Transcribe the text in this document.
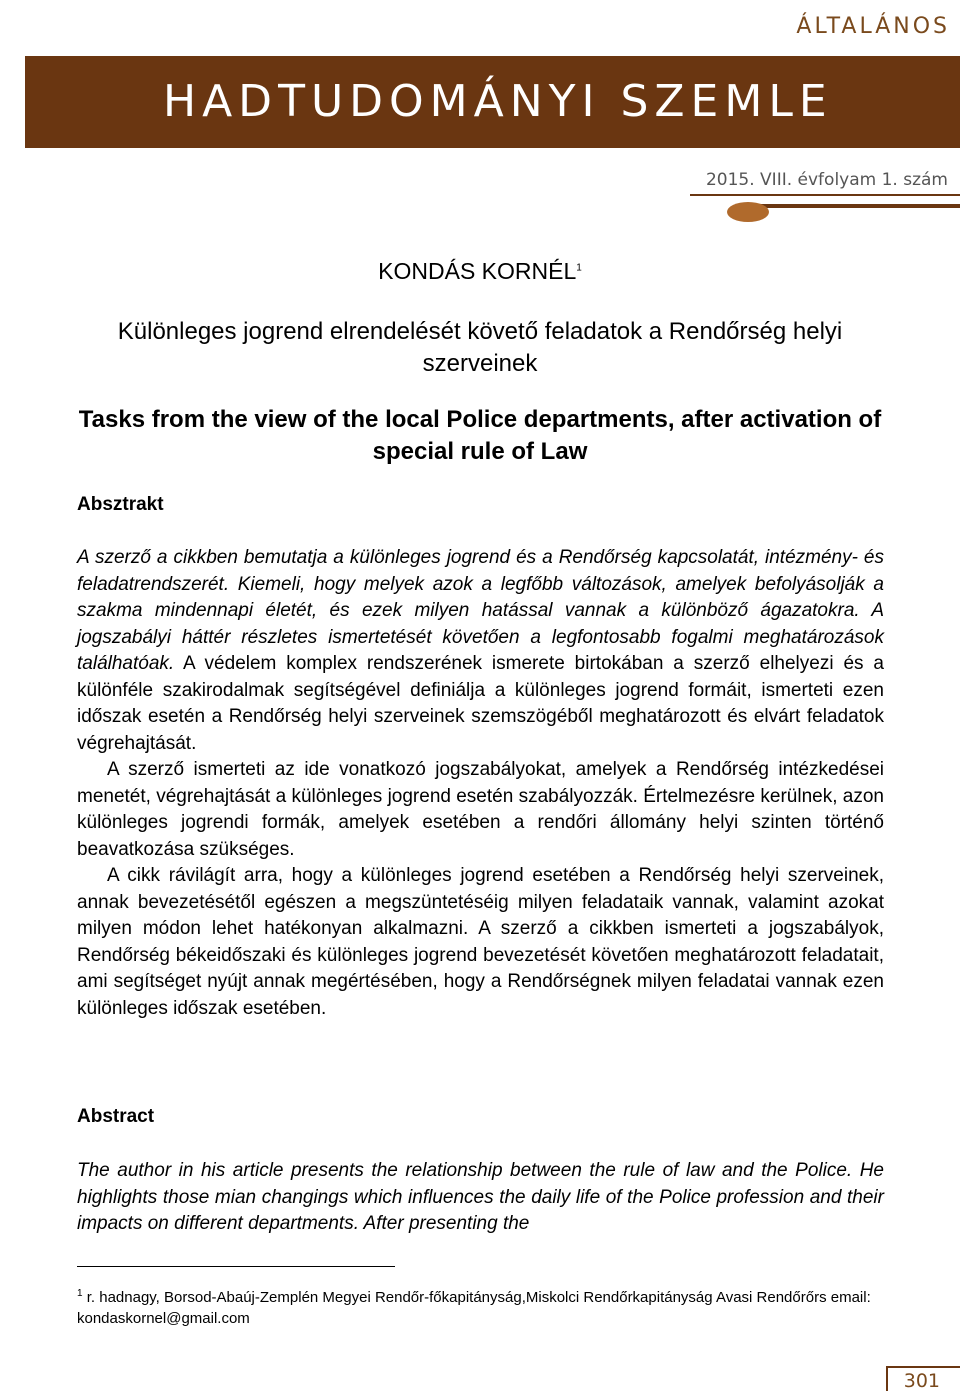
ÁLTALÁNOS
HADTUDOMÁNYI SZEMLE
2015. VIII. évfolyam 1. szám
KONDÁS KORNÉL$^1$
Különleges jogrend elrendelését követő feladatok a Rendőrség helyi szerveinek
Tasks from the view of the local Police departments, after activation of special rule of Law
Absztrakt

A szerző a cikkben bemutatja a különleges jogrend és a Rendőrség kapcsolatát, intézmény- és feladatrendszerét. Kiemeli, hogy melyek azok a legfőbb változások, amelyek befolyásolják a szakma mindennapi életét, és ezek milyen hatással vannak a különböző ágazatokra. A jogszabályi háttér részletes ismertetését követően a legfontosabb fogalmi meghatározások találhatóak. A védelem komplex rendszerének ismerete birtokában a szerző elhelyezi és a különféle szakirodalmak segítségével definiálja a különleges jogrend formáit, ismerteti ezen időszak esetén a Rendőrség helyi szerveinek szemszögéből meghatározott és elvárt feladatok végrehajtását.

A szerző ismerteti az ide vonatkozó jogszabályokat, amelyek a Rendőrség intézkedései menetét, végrehajtását a különleges jogrend esetén szabályozzák. Értelmezésre kerülnek, azon különleges jogrendi formák, amelyek esetében a rendőri állomány helyi szinten történő beavatkozása szükséges.

A cikk rávilágít arra, hogy a különleges jogrend esetében a Rendőrség helyi szerveinek, annak bevezetésétől egészen a megszüntetéséig milyen feladataik vannak, valamint azokat milyen módon lehet hatékonyan alkalmazni. A szerző a cikkben ismerteti a jogszabályok, Rendőrség békeidőszaki és különleges jogrend bevezetését követően meghatározott feladatait, ami segítséget nyújt annak megértésében, hogy a Rendőrségnek milyen feladatai vannak ezen különleges időszak esetében.

Abstract

The author in his article presents the relationship between the rule of law and the Police. He highlights those mian changings which influences the daily life of the Police profession and their impacts on different departments. After presenting the

$^1$ r. hadnagy, Borsod-Abaúj-Zemplén Megyei Rendőr-főkapitányság,Miskolci Rendőrkapitányság Avasi Rendőrőrs email: kondaskornel@gmail.com

301
